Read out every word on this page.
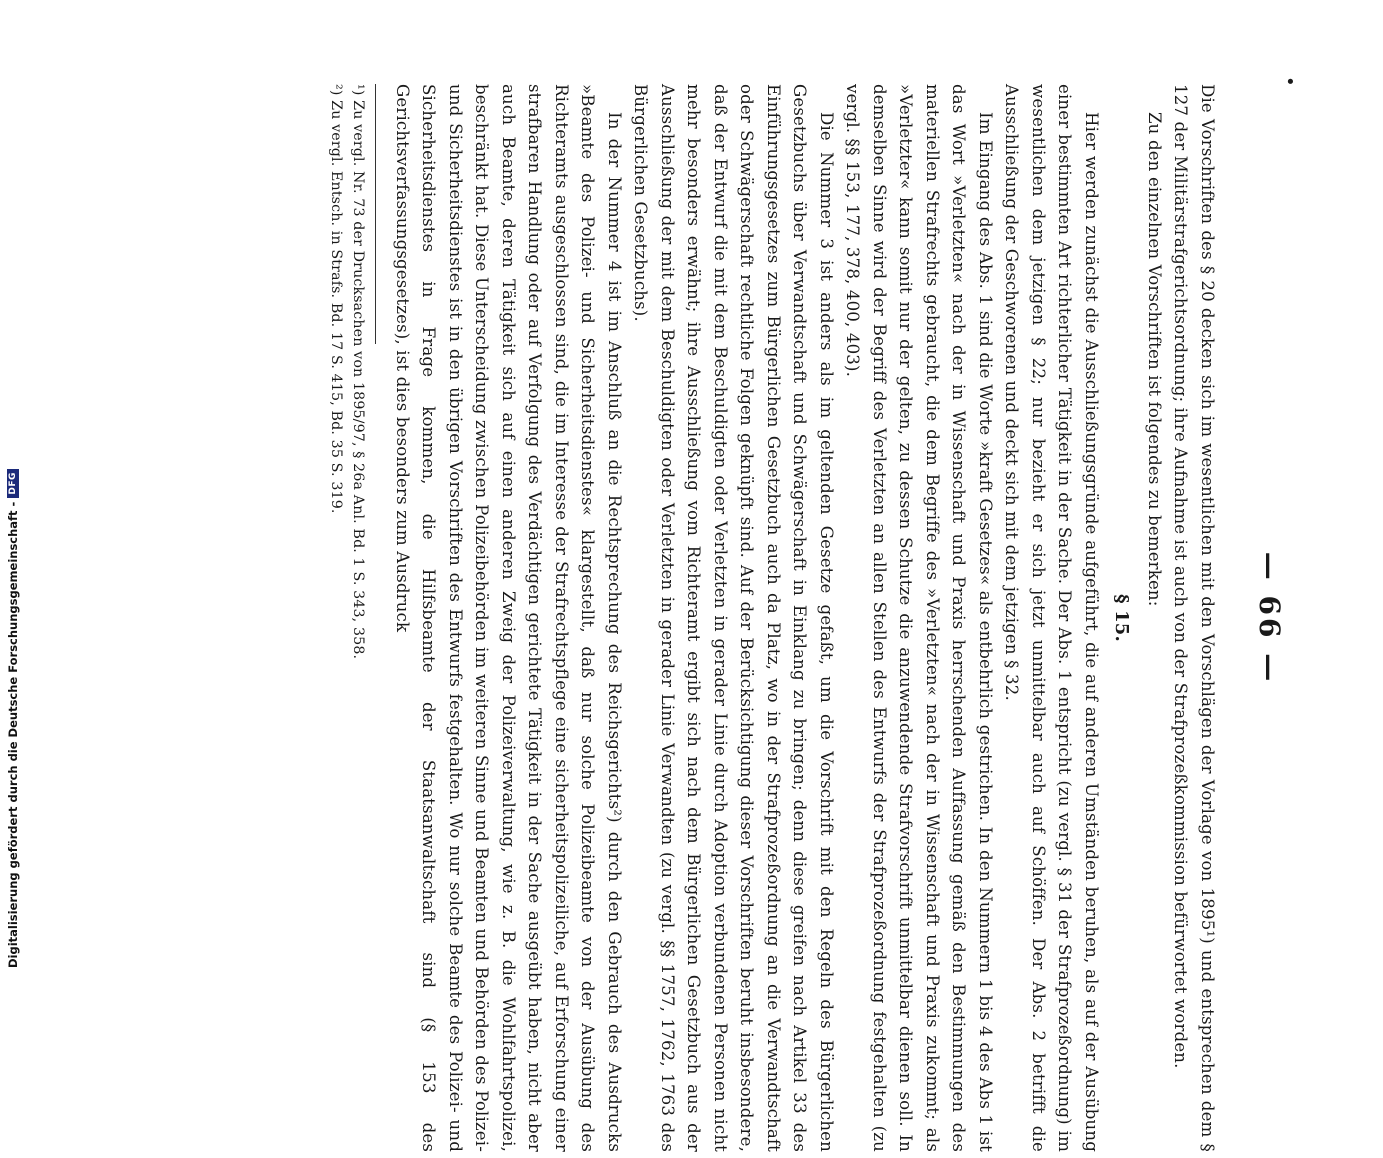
•
— 66 —

Die Vorschriften des § 20 decken sich im wesentlichen mit den Vorschlägen der Vorlage von 1895¹) und entsprechen dem § 127 der Militärstrafgerichtsordnung; ihre Aufnahme ist auch von der Strafprozeßkommission befürwortet worden.

Zu den einzelnen Vorschriften ist folgendes zu bemerken:

§ 15.

Hier werden zunächst die Ausschließungsgründe aufgeführt, die auf anderen Umständen beruhen, als auf der Ausübung einer bestimmten Art richterlicher Tätigkeit in der Sache. Der Abs. 1 entspricht (zu vergl. § 31 der Strafprozeßordnung) im wesentlichen dem jetzigen § 22; nur bezieht er sich jetzt unmittelbar auch auf Schöffen. Der Abs. 2 betrifft die Ausschließung der Geschworenen und deckt sich mit dem jetzigen § 32.

Im Eingang des Abs. 1 sind die Worte »kraft Gesetzes« als entbehrlich gestrichen. In den Nummern 1 bis 4 des Abs 1 ist das Wort »Verletzten« nach der in Wissenschaft und Praxis herrschenden Auffassung gemäß den Bestimmungen des materiellen Strafrechts gebraucht, die dem Begriffe des »Verletzten« nach der in Wissenschaft und Praxis zukommt; als »Verletzter« kann somit nur der gelten, zu dessen Schutze die anzuwendende Strafvorschrift unmittelbar dienen soll. In demselben Sinne wird der Begriff des Verletzten an allen Stellen des Entwurfs der Strafprozeßordnung festgehalten (zu vergl. §§ 153, 177, 378, 400, 403).

Die Nummer 3 ist anders als im geltenden Gesetze gefaßt, um die Vorschrift mit den Regeln des Bürgerlichen Gesetzbuchs über Verwandtschaft und Schwägerschaft in Einklang zu bringen; denn diese greifen nach Artikel 33 des Einführungsgesetzes zum Bürgerlichen Gesetzbuch auch da Platz, wo in der Strafprozeßordnung an die Verwandtschaft oder Schwägerschaft rechtliche Folgen geknüpft sind. Auf der Berücksichtigung dieser Vorschriften beruht insbesondere, daß der Entwurf die mit dem Beschuldigten oder Verletzten in gerader Linie durch Adoption verbundenen Personen nicht mehr besonders erwähnt; ihre Ausschließung vom Richteramt ergibt sich nach dem Bürgerlichen Gesetzbuch aus der Ausschließung der mit dem Beschuldigten oder Verletzten in gerader Linie Verwandten (zu vergl. §§ 1757, 1762, 1763 des Bürgerlichen Gesetzbuchs).

In der Nummer 4 ist im Anschluß an die Rechtsprechung des Reichsgerichts²) durch den Gebrauch des Ausdrucks »Beamte des Polizei- und Sicherheitsdienstes« klargestellt, daß nur solche Polizeibeamte von der Ausübung des Richteramts ausgeschlossen sind, die im Interesse der Strafrechtspflege eine sicherheitspolizeiliche, auf Erforschung einer strafbaren Handlung oder auf Verfolgung des Verdächtigen gerichtete Tätigkeit in der Sache ausgeübt haben, nicht aber auch Beamte, deren Tätigkeit sich auf einen anderen Zweig der Polizeiverwaltung, wie z. B. die Wohlfahrtspolizei, beschränkt hat. Diese Unterscheidung zwischen Polizeibehörden im weiteren Sinne und Beamten und Behörden des Polizei- und Sicherheitsdienstes ist in den übrigen Vorschriften des Entwurfs festgehalten. Wo nur solche Beamte des Polizei- und Sicherheitsdienstes in Frage kommen, die Hilfsbeamte der Staatsanwaltschaft sind (§ 153 des Gerichtsverfassungsgesetzes), ist dies besonders zum Ausdruck

¹) Zu vergl. Nr. 73 der Drucksachen von 1895/97, § 26a Anl. Bd. 1 S. 343, 358.

²) Zu vergl. Entsch. in Strafs. Bd. 17 S. 415, Bd. 35 S. 319.

Digitalisierung gefördert durch die Deutsche Forschungsgemeinschaft -
DFG
